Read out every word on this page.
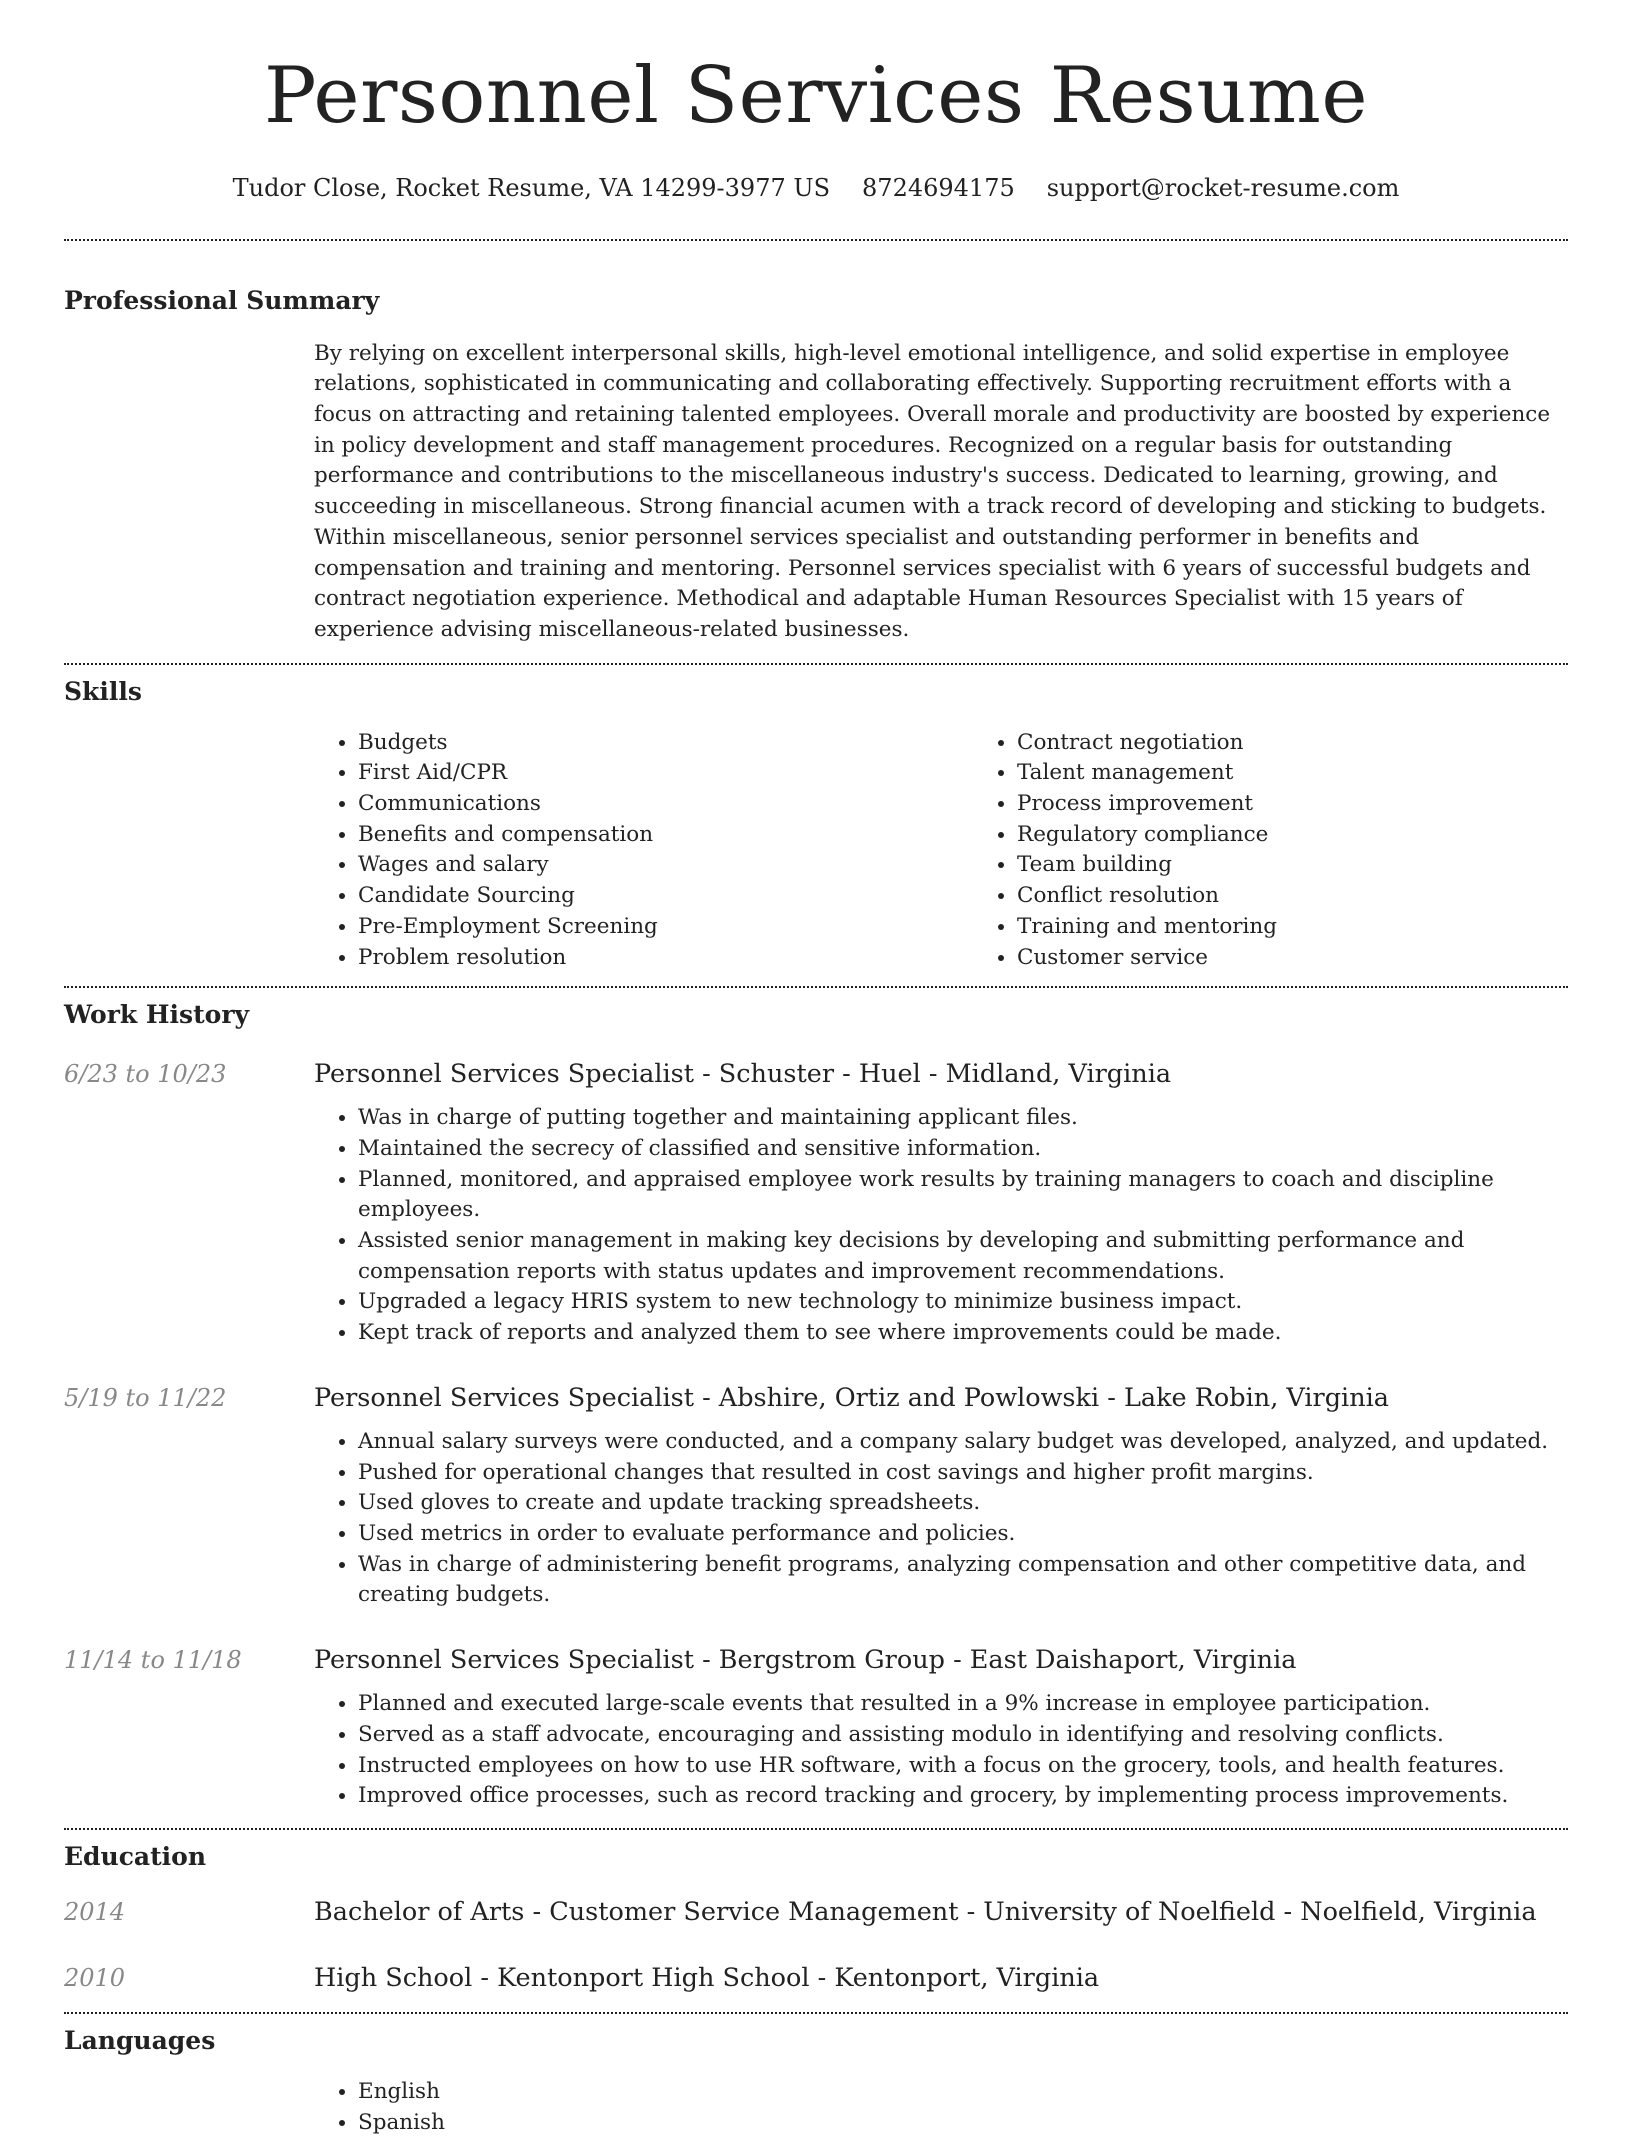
Personnel Services Resume
Tudor Close, Rocket Resume, VA 14299-3977 US 8724694175 support@rocket-resume.com
Professional Summary

By relying on excellent interpersonal skills, high-level emotional intelligence, and solid expertise in employee relations, sophisticated in communicating and collaborating effectively. Supporting recruitment efforts with a focus on attracting and retaining talented employees. Overall morale and productivity are boosted by experience in policy development and staff management procedures. Recognized on a regular basis for outstanding performance and contributions to the miscellaneous industry's success. Dedicated to learning, growing, and succeeding in miscellaneous. Strong financial acumen with a track record of developing and sticking to budgets. Within miscellaneous, senior personnel services specialist and outstanding performer in benefits and compensation and training and mentoring. Personnel services specialist with 6 years of successful budgets and contract negotiation experience. Methodical and adaptable Human Resources Specialist with 15 years of experience advising miscellaneous-related businesses.

Skills
• Budgets
• First Aid/CPR
• Communications
• Benefits and compensation
• Wages and salary
• Candidate Sourcing
• Pre-Employment Screening
• Problem resolution
• Contract negotiation
• Talent management
• Process improvement
• Regulatory compliance
• Team building
• Conflict resolution
• Training and mentoring
• Customer service
Work History
6/23 to 10/23	Personnel Services Specialist - Schuster - Huel - Midland, Virginia
• Was in charge of putting together and maintaining applicant files.
• Maintained the secrecy of classified and sensitive information.
• Planned, monitored, and appraised employee work results by training managers to coach and discipline employees.
• Assisted senior management in making key decisions by developing and submitting performance and compensation reports with status updates and improvement recommendations.
• Upgraded a legacy HRIS system to new technology to minimize business impact.
• Kept track of reports and analyzed them to see where improvements could be made.
5/19 to 11/22	Personnel Services Specialist - Abshire, Ortiz and Powlowski - Lake Robin, Virginia
• Annual salary surveys were conducted, and a company salary budget was developed, analyzed, and updated.
• Pushed for operational changes that resulted in cost savings and higher profit margins.
• Used gloves to create and update tracking spreadsheets.
• Used metrics in order to evaluate performance and policies.
• Was in charge of administering benefit programs, analyzing compensation and other competitive data, and creating budgets.
11/14 to 11/18	Personnel Services Specialist - Bergstrom Group - East Daishaport, Virginia
• Planned and executed large-scale events that resulted in a 9% increase in employee participation.
• Served as a staff advocate, encouraging and assisting modulo in identifying and resolving conflicts.
• Instructed employees on how to use HR software, with a focus on the grocery, tools, and health features.
• Improved office processes, such as record tracking and grocery, by implementing process improvements.
Education
2014	Bachelor of Arts - Customer Service Management - University of Noelfield - Noelfield, Virginia
2010	High School - Kentonport High School - Kentonport, Virginia
Languages
• English
• Spanish
